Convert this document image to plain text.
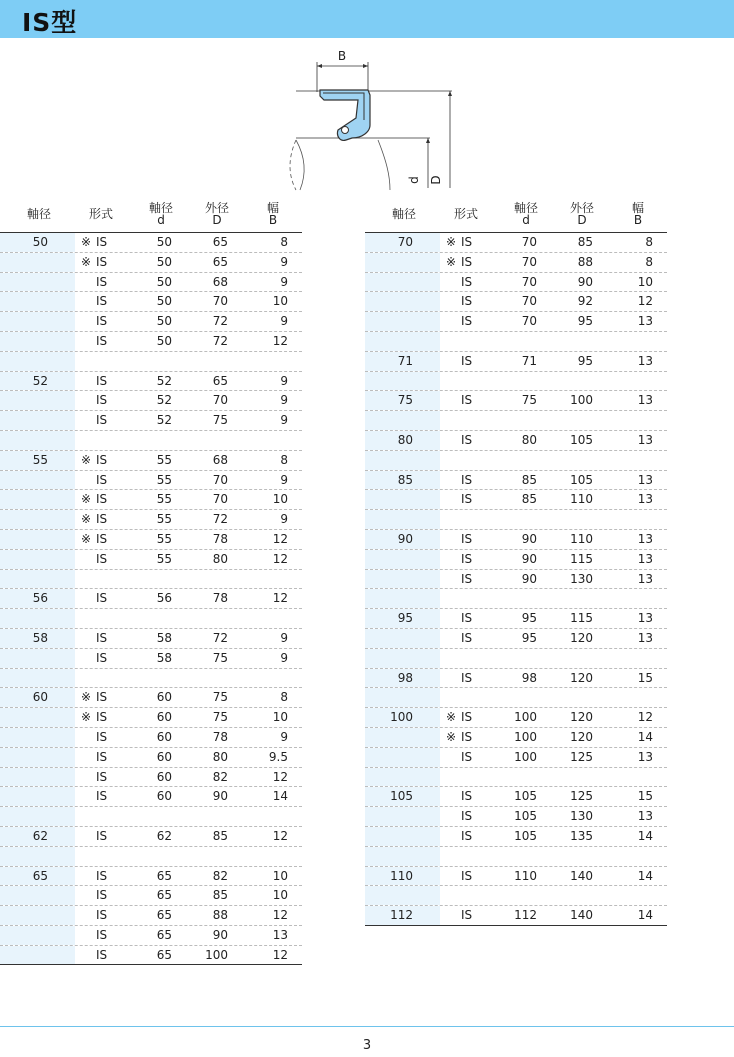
IS型
B
d D
軸径	形式	軸径
d
外径
D
幅
B
50	※ IS	50	65	8
※ IS	50	65	9
IS	50	68	9
IS	50	70	10
IS	50	72	9
IS	50	72	12
52	IS	52	65	9
IS	52	70	9
IS	52	75	9
55	※ IS	55	68	8
IS	55	70	9
※ IS	55	70	10
※ IS	55	72	9
※ IS	55	78	12
IS	55	80	12
56	IS	56	78	12
58	IS	58	72	9
IS	58	75	9
60	※ IS	60	75	8
※ IS	60	75	10
IS	60	78	9
IS	60	80	9.5
IS	60	82	12
IS	60	90	14
62	IS	62	85	12
65	IS	65	82	10
IS	65	85	10
IS	65	88	12
IS	65	90	13
IS	65	100	12
軸径	形式	軸径
d
外径
D
幅
B
70	※ IS	70	85	8
※ IS	70	88	8
IS	70	90	10
IS	70	92	12
IS	70	95	13
71	IS	71	95	13
75	IS	75	100	13
80	IS	80	105	13
85	IS	85	105	13
IS	85	110	13
90	IS	90	110	13
IS	90	115	13
IS	90	130	13
95	IS	95	115	13
IS	95	120	13
98	IS	98	120	15
100	※ IS	100	120	12
※ IS	100	120	14
IS	100	125	13
105	IS	105	125	15
IS	105	130	13
IS	105	135	14
110	IS	110	140	14
112	IS	112	140	14
3
